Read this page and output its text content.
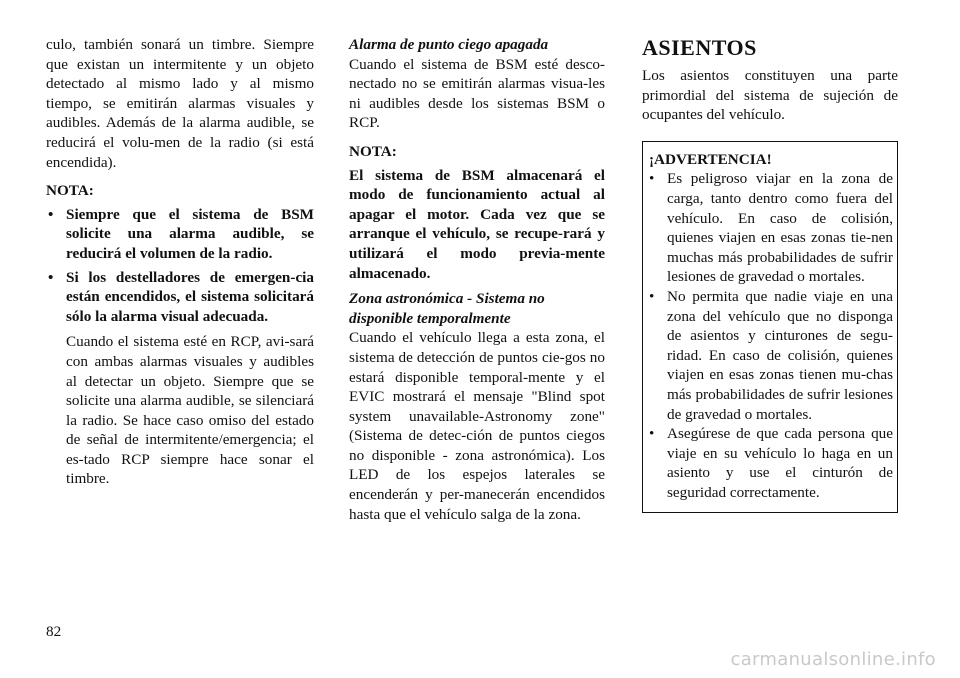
culo, también sonará un timbre. Siempre que existan un intermitente y un objeto detectado al mismo lado y al mismo tiempo, se emitirán alarmas visuales y audibles. Además de la alarma audible, se reducirá el volu-men de la radio (si está encendida).

NOTA:
• Siempre que el sistema de BSM solicite una alarma audible, se reducirá el volumen de la radio.
• Si los destelladores de emergen-cia están encendidos, el sistema solicitará sólo la alarma visual adecuada.

Cuando el sistema esté en RCP, avi-sará con ambas alarmas visuales y audibles al detectar un objeto. Siempre que se solicite una alarma audible, se silenciará la radio. Se hace caso omiso del estado de señal de intermitente/emergencia; el es-tado RCP siempre hace sonar el timbre.

Alarma de punto ciego apagada

Cuando el sistema de BSM esté desco-nectado no se emitirán alarmas visua-les ni audibles desde los sistemas BSM o RCP.

NOTA:

El sistema de BSM almacenará el modo de funcionamiento actual al apagar el motor. Cada vez que se arranque el vehículo, se recupe-rará y utilizará el modo previa-mente almacenado.

Zona astronómica - Sistema no disponible temporalmente

Cuando el vehículo llega a esta zona, el sistema de detección de puntos cie-gos no estará disponible temporal-mente y el EVIC mostrará el mensaje "Blind spot system unavailable-Astronomy zone" (Sistema de detec-ción de puntos ciegos no disponible - zona astronómica). Los LED de los espejos laterales se encenderán y per-manecerán encendidos hasta que el vehículo salga de la zona.

ASIENTOS

Los asientos constituyen una parte primordial del sistema de sujeción de ocupantes del vehículo.

¡ADVERTENCIA!
• Es peligroso viajar en la zona de carga, tanto dentro como fuera del vehículo. En caso de colisión, quienes viajen en esas zonas tie-nen muchas más probabilidades de sufrir lesiones de gravedad o mortales.
• No permita que nadie viaje en una zona del vehículo que no disponga de asientos y cinturones de segu-ridad. En caso de colisión, quienes viajen en esas zonas tienen mu-chas más probabilidades de sufrir lesiones de gravedad o mortales.
• Asegúrese de que cada persona que viaje en su vehículo lo haga en un asiento y use el cinturón de seguridad correctamente.
82
carmanualsonline.info
